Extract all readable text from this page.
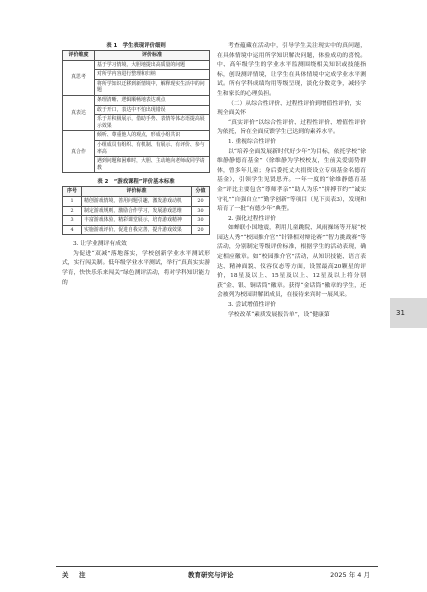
表 1　学生表现评价细则
评价维度	评价标准
真思考	基于学习情境，大胆地提出高质量的问题
	对所学内容进行整理和归纳
	将所学知识迁移到新情境中，解释现实生活中的问题
真表达	条理清晰、逻辑顺畅地表达观点
	敢于开口，表达中不怕出现错误
	乐于并积极展示，借助手势、表情等体态语提高展示效果
真合作	倾听、尊重他人的观点，形成小组共识
	小组成员有组织、有机制、有展示、有评价、参与率高
	遇到问题和困难时，大胆、主动地向老师或同学请教
表 2　“游戏课程”评价基本标准
序号	评价标准	分值
1	精创游戏情境，善用问题引趣，激发游戏动机	20
2	制定游戏规则，激励合作学习，发展游戏思维	30
3	丰富游戏体验，精彩课堂展示，培育游戏精神	30
4	实施游戏评价，促进自我完善，提升游戏效果	20

3. 让学业测评有成效

为促进“双减”落地落实，学校创新学业水平测试形式，实行闯关制。低年级学业水平测试，举行“真真实实游学育，快快乐乐来闯关”绿色测评活动，将对学科知识能力的

考查蕴藏在活动中，引导学生关注现实中的真问题，在具体情境中运用所学知识解决问题，体验成功的喜悦。中、高年级学生的学业水平监测围绕相关知识或技能指标，创设测评情境，让学生在具体情境中完成学业水平测试。所有学科成绩均用等级呈现，淡化分数竞争，减轻学生和家长的心理负担。

（二）从综合性评价、过程性评价到增值性评价，实现全面关怀

“真实评价”以综合性评价、过程性评价、增值性评价为依托，旨在全面反馈学生已达到的素养水平。

1. 重视综合性评价

以“培养全面发展新时代好少年”为目标，依托学校“徐维静静德育基金”（徐维静为学校校友，生前关爱弱势群体，曾多年儿童；身后委托丈夫捐资设立专项基金名德育基金），引领学生见贤思齐。一年一度的“徐维静德育基金”评比主要包含“尊师孝亲”“助人为乐”“拼搏节约”“诚实守礼”“自强自立”“勤学创新”等项目（见下页表3），发现和培育了一批“有德少年”典型。

2. 强化过程性评价

如蝉联小国地震，利用儿童跳院、风雨操场等开展“校园达人秀”“校园推介官”“针锋相对辩论赛”“智力挑战赛”等活动，分别制定等级评价标准，根据学生的活动表现，确定相应徽章。如“校园推介官”活动，从知识技能、语言表达、精神面貌、仪容仪态等方面，设置最高20颗星的评价，18星及以上、15星及以上、12星及以上将分别获“金、银、铜话筒”徽章。获得“金话筒”徽章的学生，还会被列为校园讲解团成员，在接待来宾时一展风采。

3. 尝试增值性评价

学校改革“素质发展报告单”，设“健康第	31
关　注	教育研究与评论	2025 年 4 月
